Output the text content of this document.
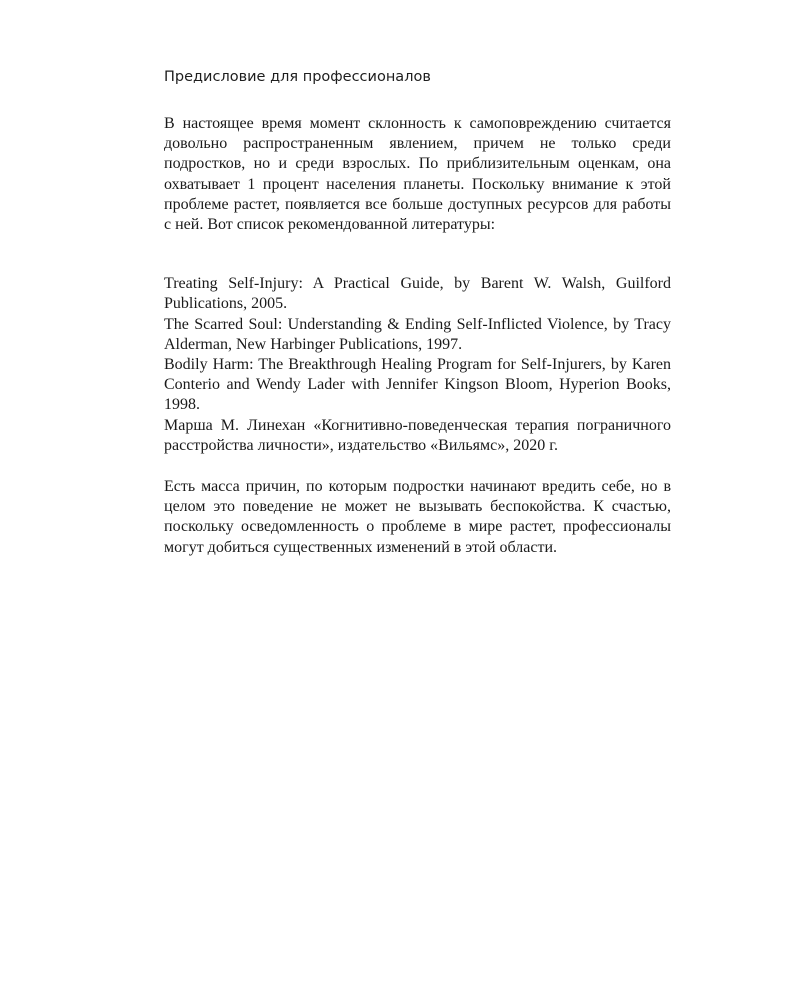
Предисловие для профессионалов

В настоящее время момент склонность к самоповреждению считается довольно распространенным явлением, причем не только среди подростков, но и среди взрослых. По приблизительным оценкам, она охватывает 1 процент населения планеты. Поскольку внимание к этой проблеме растет, появляется все больше доступных ресурсов для работы с ней. Вот список рекомендованной литературы:

Treating Self-Injury: A Practical Guide, by Barent W. Walsh, Guilford Publications, 2005.

The Scarred Soul: Understanding & Ending Self-Inflicted Violence, by Tracy Alderman, New Harbinger Publications, 1997.

Bodily Harm: The Breakthrough Healing Program for Self-Injurers, by Karen Conterio and Wendy Lader with Jennifer Kingson Bloom, Hyperion Books, 1998.

Марша М. Линехан «Когнитивно-поведенческая терапия пограничного расстройства личности», издательство «Вильямс», 2020 г.

Есть масса причин, по которым подростки начинают вредить себе, но в целом это поведение не может не вызывать беспокойства. К счастью, поскольку осведомленность о проблеме в мире растет, профессионалы могут добиться существенных изменений в этой области.
